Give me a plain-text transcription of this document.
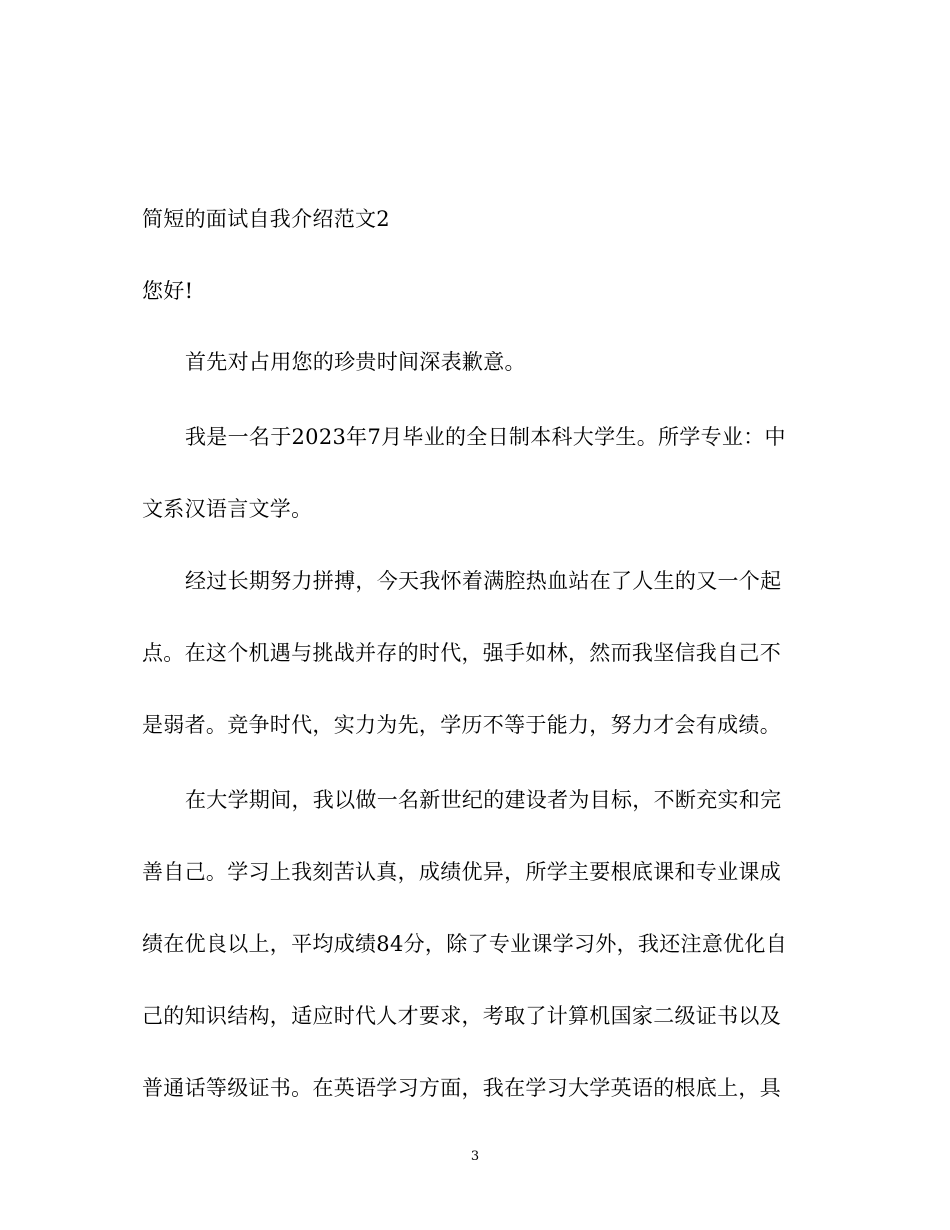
简短的面试自我介绍范文2
您好!
首先对占用您的珍贵时间深表歉意。
我是一名于2023年7月毕业的全日制本科大学生。所学专业：中
文系汉语言文学。
经过长期努力拼搏，今天我怀着满腔热血站在了人生的又一个起
点。在这个机遇与挑战并存的时代，强手如林，然而我坚信我自己不
是弱者。竞争时代，实力为先，学历不等于能力，努力才会有成绩。
在大学期间，我以做一名新世纪的建设者为目标，不断充实和完
善自己。学习上我刻苦认真，成绩优异，所学主要根底课和专业课成
绩在优良以上，平均成绩84分，除了专业课学习外，我还注意优化自
己的知识结构，适应时代人才要求，考取了计算机国家二级证书以及
普通话等级证书。在英语学习方面，我在学习大学英语的根底上，具
3
